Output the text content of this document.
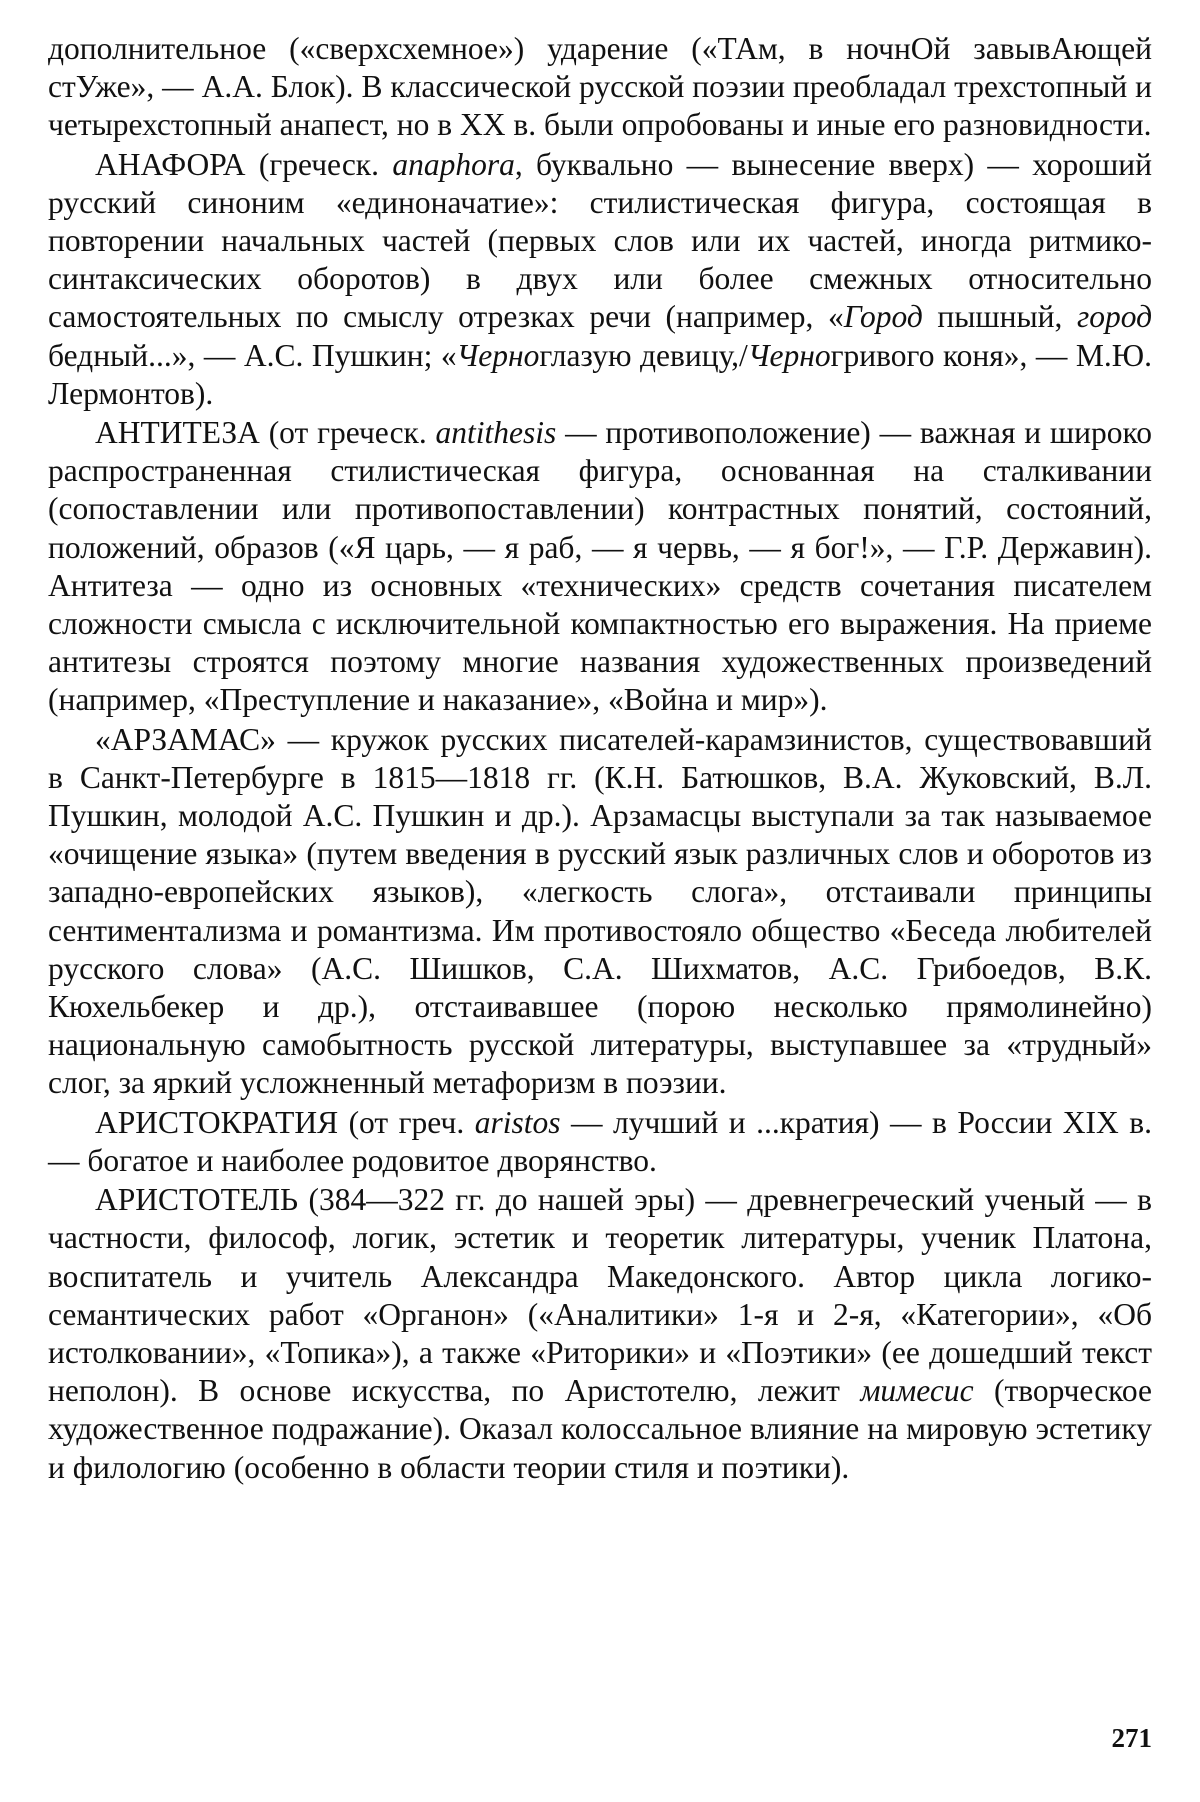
дополнительное («сверхсхемное») ударение («ТАм, в ночнОй завывАющей стУже», — А.А. Блок). В классической русской поэзии преобладал трехстопный и четырехстопный анапест, но в XX в. были опробованы и иные его разновидности.

АНАФОРА (греческ. anaphora, буквально — вынесение вверх) — хороший русский синоним «единоначатие»: стилистическая фигура, состоящая в повторении начальных частей (первых слов или их частей, иногда ритмико-синтаксических оборотов) в двух или более смежных относительно самостоятельных по смыслу отрезках речи (например, «Город пышный, город бедный...», — А.С. Пушкин; «Черноглазую девицу,/Черногривого коня», — М.Ю. Лермонтов).

АНТИТЕЗА (от греческ. antithesis — противоположение) — важная и широко распространенная стилистическая фигура, основанная на сталкивании (сопоставлении или противопоставлении) контрастных понятий, состояний, положений, образов («Я царь, — я раб, — я червь, — я бог!», — Г.Р. Державин). Антитеза — одно из основных «технических» средств сочетания писателем сложности смысла с исключительной компактностью его выражения. На приеме антитезы строятся поэтому многие названия художественных произведений (например, «Преступление и наказание», «Война и мир»).

«АРЗАМАС» — кружок русских писателей-карамзинистов, существовавший в Санкт-Петербурге в 1815—1818 гг. (К.Н. Батюшков, В.А. Жуковский, В.Л. Пушкин, молодой А.С. Пушкин и др.). Арзамасцы выступали за так называемое «очищение языка» (путем введения в русский язык различных слов и оборотов из западно-европейских языков), «легкость слога», отстаивали принципы сентиментализма и романтизма. Им противостояло общество «Беседа любителей русского слова» (А.С. Шишков, С.А. Шихматов, А.С. Грибоедов, В.К. Кюхельбекер и др.), отстаивавшее (порою несколько прямолинейно) национальную самобытность русской литературы, выступавшее за «трудный» слог, за яркий усложненный метафоризм в поэзии.

АРИСТОКРАТИЯ (от греч. aristos — лучший и ...кратия) — в России XIX в. — богатое и наиболее родовитое дворянство.

АРИСТОТЕЛЬ (384—322 гг. до нашей эры) — древнегреческий ученый — в частности, философ, логик, эстетик и теоретик литературы, ученик Платона, воспитатель и учитель Александра Македонского. Автор цикла логико-семантических работ «Органон» («Аналитики» 1-я и 2-я, «Категории», «Об истолковании», «Топика»), а также «Риторики» и «Поэтики» (ее дошедший текст неполон). В основе искусства, по Аристотелю, лежит мимесис (творческое художественное подражание). Оказал колоссальное влияние на мировую эстетику и филологию (особенно в области теории стиля и поэтики).

271
